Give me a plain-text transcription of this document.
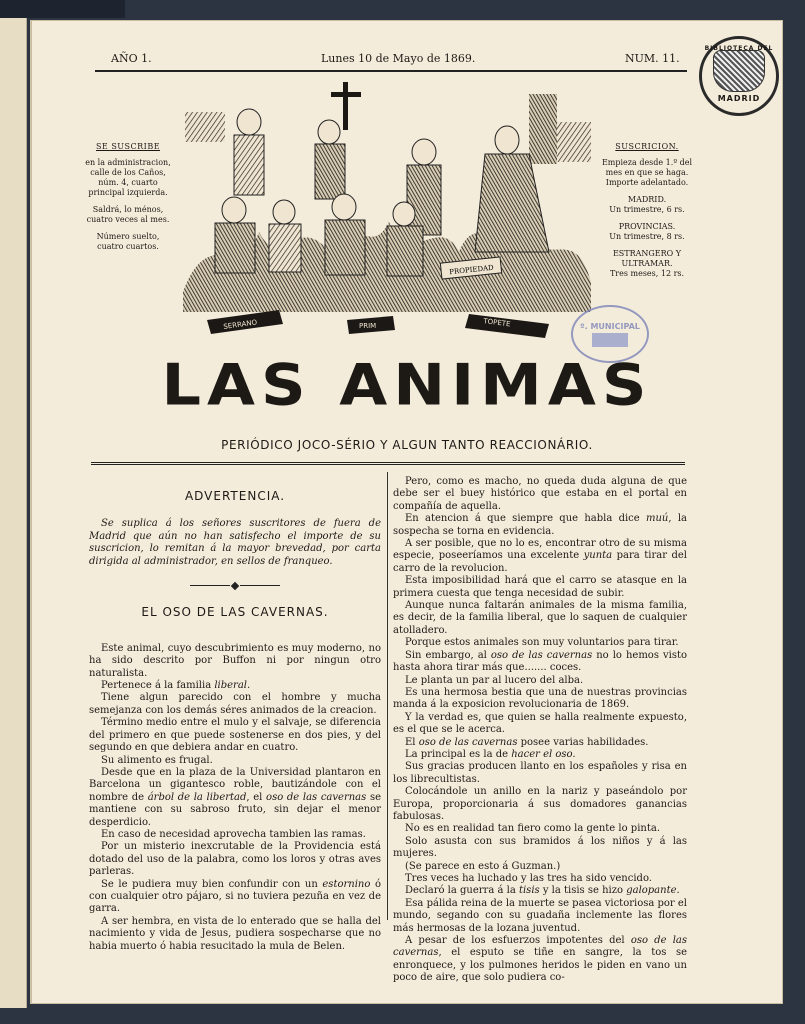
AÑO 1.	Lunes 10 de Mayo de 1869.	NUM. 11.
BIBLIOTECA DEL
MADRID
SE SUSCRIBE

en la administracion, calle de los Caños, núm. 4, cuarto principal izquierda.

Saldrá, lo ménos, cuatro veces al mes.

Número suelto, cuatro cuartos.

SUSCRICION.

Empieza desde 1.º del mes en que se haga. Importe adelantado.

MADRID.

Un trimestre, 6 rs.

PROVINCIAS.

Un trimestre, 8 rs.

ESTRANGERO Y ULTRAMAR.

Tres meses, 12 rs.

PROPIEDAD
SERRANO	PRIM	TOPETE	º. MUNICIPAL
LAS ANIMAS
PERIÓDICO JOCO-SÉRIO Y ALGUN TANTO REACCIONÁRIO.

ADVERTENCIA.

Se suplica á los señores suscritores de fuera de Madrid que aún no han satisfecho el importe de su suscricion, lo remitan á la mayor brevedad, por carta dirigida al administrador, en sellos de franqueo.

EL OSO DE LAS CAVERNAS.

Este animal, cuyo descubrimiento es muy moderno, no ha sido descrito por Buffon ni por ningun otro naturalista.

Pertenece á la familia liberal.

Tiene algun parecido con el hombre y mucha semejanza con los demás séres animados de la creacion.

Término medio entre el mulo y el salvaje, se diferencia del primero en que puede sostenerse en dos pies, y del segundo en que debiera andar en cuatro.

Su alimento es frugal.

Desde que en la plaza de la Universidad plantaron en Barcelona un gigantesco roble, bautizándole con el nombre de árbol de la libertad, el oso de las cavernas se mantiene con su sabroso fruto, sin dejar el menor desperdicio.

En caso de necesidad aprovecha tambien las ramas.

Por un misterio inexcrutable de la Providencia está dotado del uso de la palabra, como los loros y otras aves parleras.

Se le pudiera muy bien confundir con un estornino ó con cualquier otro pájaro, si no tuviera pezuña en vez de garra.

A ser hembra, en vista de lo enterado que se halla del nacimiento y vida de Jesus, pudiera sospecharse que no habia muerto ó habia resucitado la mula de Belen.

Pero, como es macho, no queda duda alguna de que debe ser el buey histórico que estaba en el portal en compañía de aquella.

En atencion á que siempre que habla dice muú, la sospecha se torna en evidencia.

A ser posible, que no lo es, encontrar otro de su misma especie, poseeríamos una excelente yunta para tirar del carro de la revolucion.

Esta imposibilidad hará que el carro se atasque en la primera cuesta que tenga necesidad de subir.

Aunque nunca faltarán animales de la misma familia, es decir, de la familia liberal, que lo saquen de cualquier atolladero.

Porque estos animales son muy voluntarios para tirar.

Sin embargo, al oso de las cavernas no lo hemos visto hasta ahora tirar más que....... coces.

Le planta un par al lucero del alba.

Es una hermosa bestia que una de nuestras provincias manda á la exposicion revolucionaria de 1869.

Y la verdad es, que quien se halla realmente expuesto, es el que se le acerca.

El oso de las cavernas posee varias habilidades.

La principal es la de hacer el oso.

Sus gracias producen llanto en los españoles y risa en los librecultistas.

Colocándole un anillo en la nariz y paseándolo por Europa, proporcionaria á sus domadores ganancias fabulosas.

No es en realidad tan fiero como la gente lo pinta.

Solo asusta con sus bramidos á los niños y á las mujeres.

(Se parece en esto á Guzman.)

Tres veces ha luchado y las tres ha sido vencido.

Declaró la guerra á la tisis y la tisis se hizo galopante.

Esa pálida reina de la muerte se pasea victoriosa por el mundo, segando con su guadaña inclemente las flores más hermosas de la lozana juventud.

A pesar de los esfuerzos impotentes del oso de las cavernas, el esputo se tiñe en sangre, la tos se enronquece, y los pulmones heridos le piden en vano un poco de aire, que solo pudiera co-
